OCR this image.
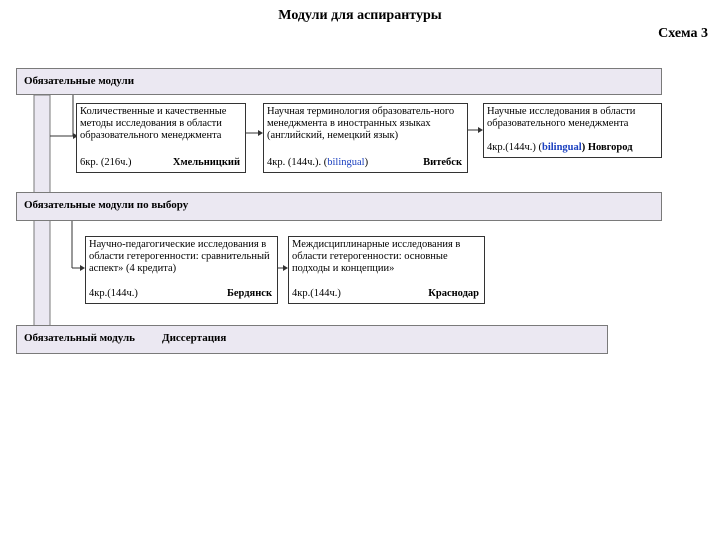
Модули для аспирантуры
Схема 3
Обязательные модули
Количественные и качественные методы исследования в области образовательного менеджмента
6кр. (216ч.)	Хмельницкий
Научная терминология образователь-ного менеджмента в иностранных языках (английский, немецкий язык)
4кр. (144ч.). (bilingual)	Витебск
Научные исследования в области образовательного менеджмента
4кр.(144ч.) (bilingual) Новгород
Обязательные модули по выбору
Научно-педагогические исследования в области гетерогенности: сравнительный аспект» (4 кредита)
4кр.(144ч.)	Бердянск
Междисциплинарные исследования в области гетерогенности: основные подходы и концепции»
4кр.(144ч.)	Краснодар
Обязательный модуль Диссертация
